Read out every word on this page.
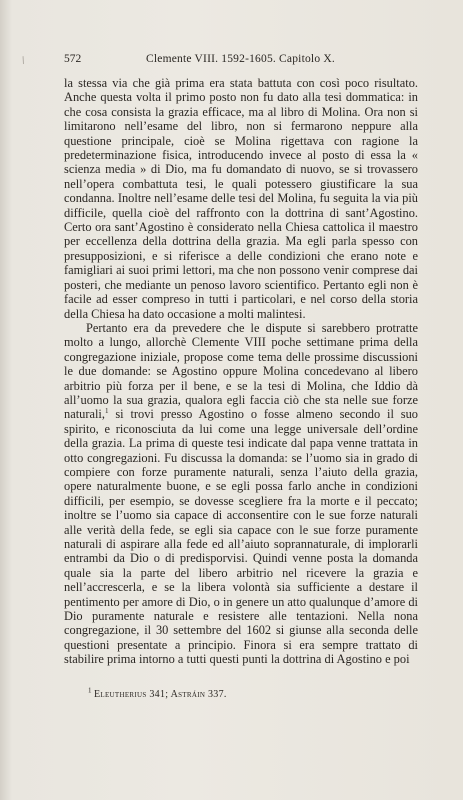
/	572	Clemente VIII. 1592-1605. Capitolo X.

la stessa via che già prima era stata battuta con così poco risultato. Anche questa volta il primo posto non fu dato alla tesi dommatica: in che cosa consista la grazia efficace, ma al libro di Molina. Ora non si limitarono nell’esame del libro, non si fermarono neppure alla questione principale, cioè se Molina rigettava con ragione la predeterminazione fisica, introducendo invece al posto di essa la « scienza media » di Dio, ma fu domandato di nuovo, se si trovassero nell’opera combattuta tesi, le quali potessero giustificare la sua condanna. Inoltre nell’esame delle tesi del Molina, fu seguita la via più difficile, quella cioè del raffronto con la dottrina di sant’Agostino. Certo ora sant’Agostino è considerato nella Chiesa cattolica il maestro per eccellenza della dottrina della grazia. Ma egli parla spesso con presupposizioni, e si riferisce a delle condizioni che erano note e famigliari ai suoi primi lettori, ma che non possono venir comprese dai posteri, che mediante un penoso lavoro scientifico. Pertanto egli non è facile ad esser compreso in tutti i particolari, e nel corso della storia della Chiesa ha dato occasione a molti malintesi.

Pertanto era da prevedere che le dispute si sarebbero protratte molto a lungo, allorchè Clemente VIII poche settimane prima della congregazione iniziale, propose come tema delle prossime discussioni le due domande: se Agostino oppure Molina concedevano al libero arbitrio più forza per il bene, e se la tesi di Molina, che Iddio dà all’uomo la sua grazia, qualora egli faccia ciò che sta nelle sue forze naturali,$^1$ si trovi presso Agostino o fosse almeno secondo il suo spirito, e riconosciuta da lui come una legge universale dell’ordine della grazia. La prima di queste tesi indicate dal papa venne trattata in otto congregazioni. Fu discussa la domanda: se l’uomo sia in grado di compiere con forze puramente naturali, senza l’aiuto della grazia, opere naturalmente buone, e se egli possa farlo anche in condizioni difficili, per esempio, se dovesse scegliere fra la morte e il peccato; inoltre se l’uomo sia capace di acconsentire con le sue forze naturali alle verità della fede, se egli sia capace con le sue forze puramente naturali di aspirare alla fede ed all’aiuto soprannaturale, di implorarli entrambi da Dio o di predisporvisi. Quindi venne posta la domanda quale sia la parte del libero arbitrio nel ricevere la grazia e nell’accrescerla, e se la libera volontà sia sufficiente a destare il pentimento per amore di Dio, o in genere un atto qualunque d’amore di Dio puramente naturale e resistere alle tentazioni. Nella nona congregazione, il 30 settembre del 1602 si giunse alla seconda delle questioni presentate a principio. Finora si era sempre trattato di stabilire prima intorno a tutti questi punti la dottrina di Agostino e poi

$^1$ Eleutherius 341; Astráin 337.
